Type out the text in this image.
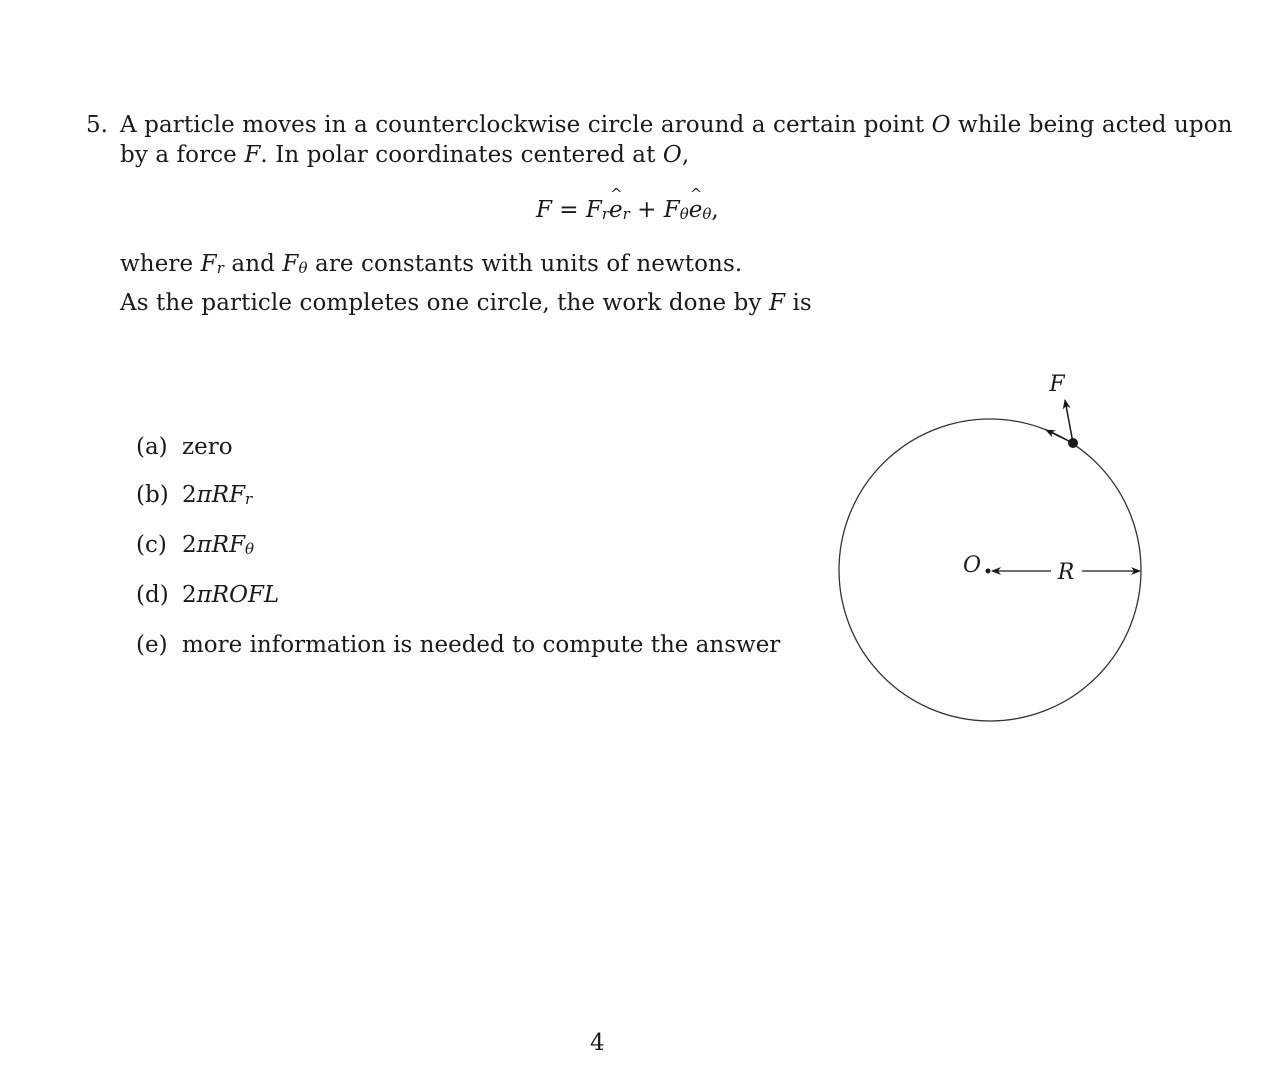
5. A particle moves in a counterclockwise circle around a certain point O while being acted upon
by a force F. In polar coordinates centered at O,
$F = F_r\^{}$ $e_r$ + $F_\theta\^{}$ $e_\theta$,
where $F_r$ and $F_\theta$ are constants with units of newtons.
As the particle completes one circle, the work done by F is
(a) zero
(b) 2πRF$_r$
(c) 2πRF$_\theta$
(d) 2πROFL
(e) more information is needed to compute the answer
R
O
F
4
